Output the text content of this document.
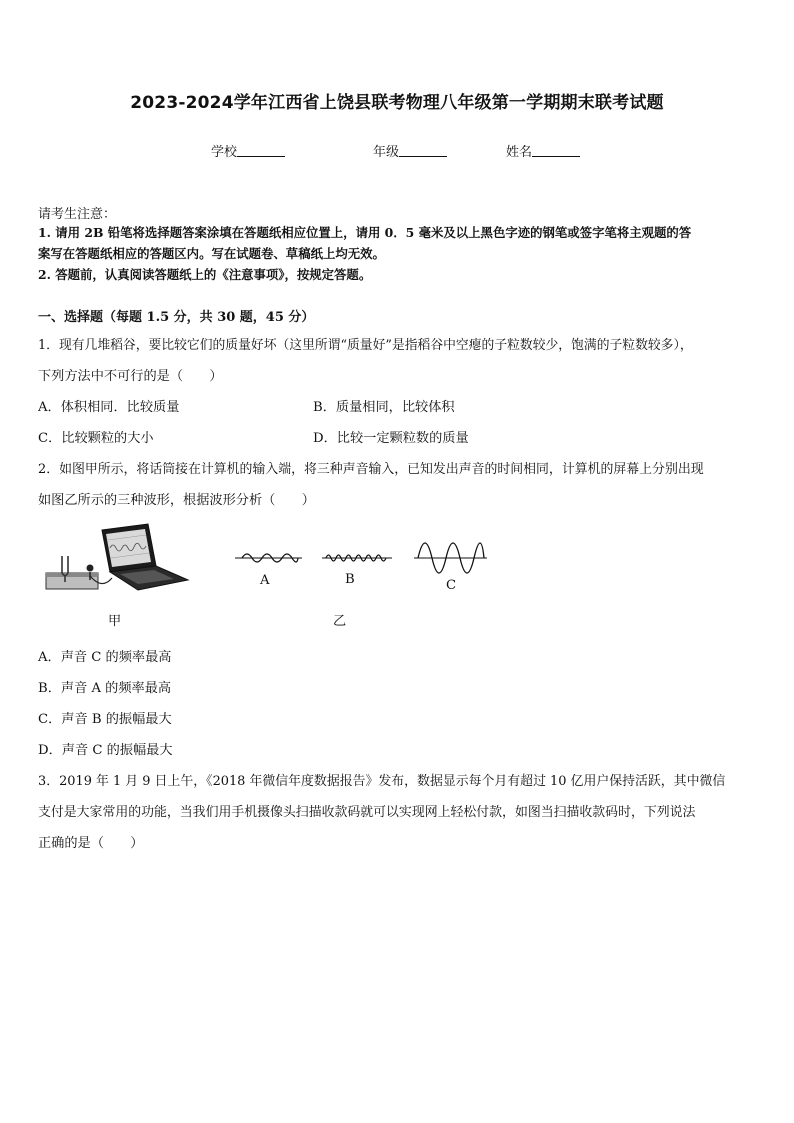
2023-2024学年江西省上饶县联考物理八年级第一学期期末联考试题
学校	年级	姓名
请考生注意：
1. 请用 2B 铅笔将选择题答案涂填在答题纸相应位置上，请用 0．5 毫米及以上黑色字迹的钢笔或签字笔将主观题的答
案写在答题纸相应的答题区内。写在试题卷、草稿纸上均无效。
2. 答题前，认真阅读答题纸上的《注意事项》，按规定答题。
一、选择题（每题 1.5 分，共 30 题，45 分）
1．现有几堆稻谷，要比较它们的质量好坏（这里所谓“质量好”是指稻谷中空瘪的子粒数较少，饱满的子粒数较多），
下列方法中不可行的是（　　）
A．体积相同．比较质量	B．质量相同，比较体积
C．比较颗粒的大小	D．比较一定颗粒数的质量
2．如图甲所示，将话筒接在计算机的输入端，将三种声音输入，已知发出声音的时间相同，计算机的屏幕上分别出现
如图乙所示的三种波形，根据波形分析（　　）
甲
A	B	C
乙
A．声音 C 的频率最高
B．声音 A 的频率最高
C．声音 B 的振幅最大
D．声音 C 的振幅最大
3．2019 年 1 月 9 日上午，《2018 年微信年度数据报告》发布，数据显示每个月有超过 10 亿用户保持活跃，其中微信
支付是大家常用的功能，当我们用手机摄像头扫描收款码就可以实现网上轻松付款，如图当扫描收款码时，下列说法
正确的是（　　）
